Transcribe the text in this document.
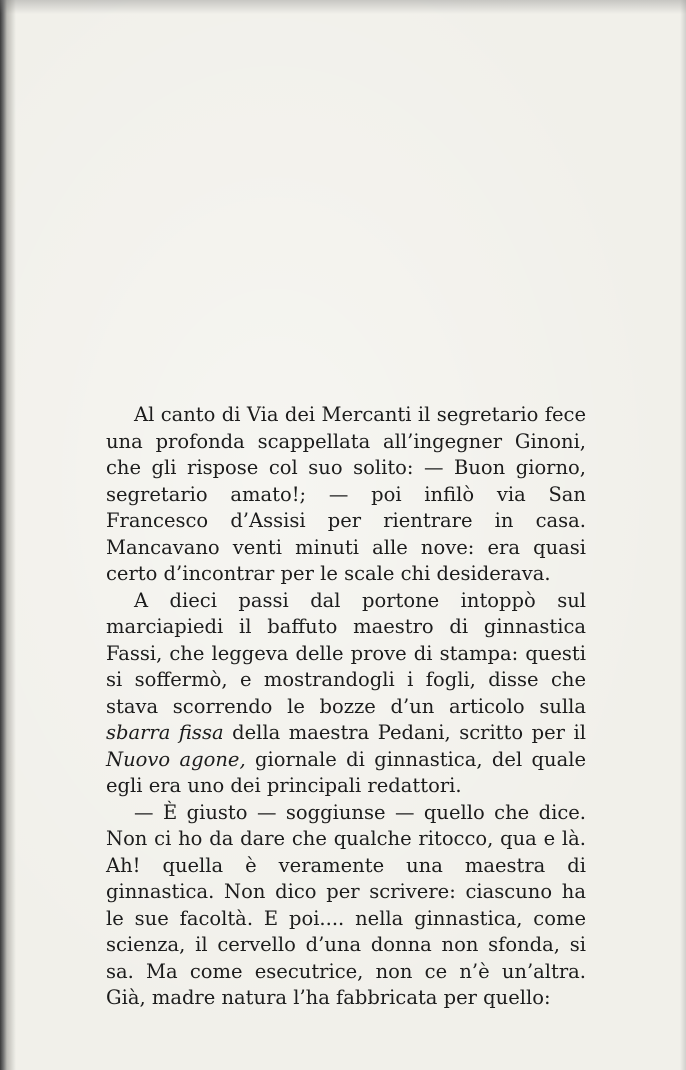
Al canto di Via dei Mercanti il segretario fece una profonda scappellata all’ingegner Ginoni, che gli rispose col suo solito: — Buon giorno, segretario amato!; — poi infilò via San Francesco d’Assisi per rientrare in casa. Mancavano venti minuti alle nove: era quasi certo d’incontrar per le scale chi desiderava.

A dieci passi dal portone intoppò sul marciapiedi il baffuto maestro di ginnastica Fassi, che leggeva delle prove di stampa: questi si soffermò, e mostrandogli i fogli, disse che stava scorrendo le bozze d’un articolo sulla sbarra fissa della maestra Pedani, scritto per il Nuovo agone, giornale di ginnastica, del quale egli era uno dei principali redattori.

— È giusto — soggiunse — quello che dice. Non ci ho da dare che qualche ritocco, qua e là. Ah! quella è veramente una maestra di ginnastica. Non dico per scrivere: ciascuno ha le sue facoltà. E poi.... nella ginnastica, come scienza, il cervello d’una donna non sfonda, si sa. Ma come esecutrice, non ce n’è un’altra. Già, madre natura l’ha fabbricata per quello:
